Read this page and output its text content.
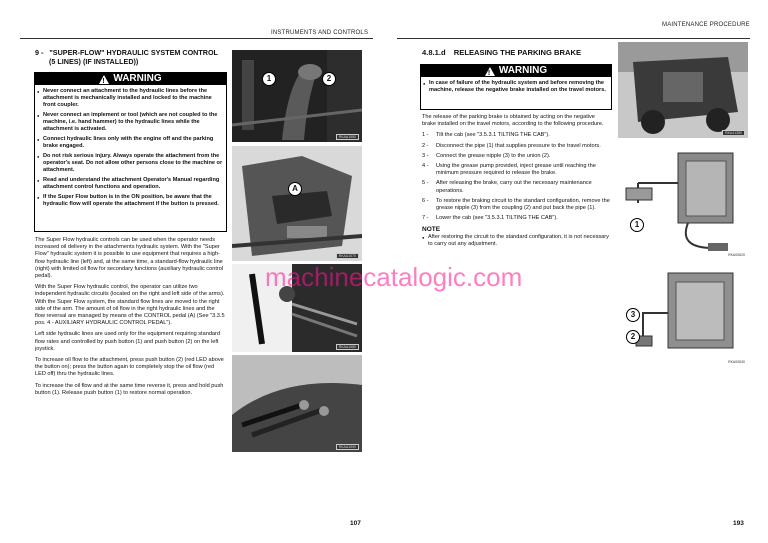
INSTRUMENTS AND CONTROLS
MAINTENANCE PROCEDURE
9 - "SUPER-FLOW" HYDRAULIC SYSTEM CONTROL
(5 LINES) (IF INSTALLED))
!
WARNING
● Never connect an attachment to the hydraulic lines before the attachment is mechanically installed and locked to the machine front coupler.
● Never connect an implement or tool (which are not coupled to the machine, i.e. hand hammer) to the hydraulic lines while the attachment is activated.
● Connect hydraulic lines only with the engine off and the parking brake engaged.
● Do not risk serious injury. Always operate the attachment from the operator's seat. Do not allow other persons close to the machine or attachment.
● Read and understand the attachment Operator's Manual regarding attachment control functions and operation.
● If the Super Flow button is in the ON position, be aware that the hydraulic flow will operate the attachment if the button is pressed.

The Super Flow hydraulic controls can be used when the operator needs increased oil delivery in the attachments hydraulic system. With the "Super Flow" hydraulic system it is possible to use equipment that requires a high-flow hydraulic line (left) and, at the same time, a standard-flow hydraulic line (right) with limited oil flow for secondary functions (auxiliary hydraulic control pedal).

With the Super Flow hydraulic control, the operator can utilize two independent hydraulic circuits (located on the right and left side of the arms). With the Super Flow system, the standard flow lines are moved to the right side of the arm. The amount of oil flow in the right hydraulic lines and the flow reversal are managed by means of the CONTROL pedal (A) (See "3.3.5 pos. 4 - AUXILIARY HYDRAULIC CONTROL PEDAL").

Left side hydraulic lines are used only for the equipment requiring standard flow rates and controlled by push button (1) and push button (2) on the left joystick.

To increase oil flow to the attachment, press push button (2) (red LED above the button on); press the button again to completely stop the oil flow (red LED off) thru the hydraulic lines.

To increase the oil flow and at the same time reverse it, press and hold push button (1). Release push button (1) to restore normal operation.

RKAA1550
1	2
RKAA1570
A
RKAA1580
RKAA1590
107
machinecatalogic.com
4.8.1.d RELEASING THE PARKING BRAKE
!
WARNING
● In case of failure of the hydraulic system and before removing the machine, release the negative brake installed on the travel motors.

The release of the parking brake is obtained by acting on the negative brake installed on the travel motors, according to the following procedure.

1 -	Tilt the cab (see "3.5.3.1 TILTING THE CAB").
2 -	Disconnect the pipe (1) that supplies pressure to the travel motors.
3 -	Connect the grease nipple (3) to the union (2).
4 -	Using the grease pump provided, inject grease until reaching the minimum pressure required to release the brake.
5 -	After releasing the brake, carry out the necessary maintenance operations.
6 -	To restore the braking circuit to the standard configuration, remove the grease nipple (3) from the coupling (2) and put back the pipe (1).
7 -	Lower the cab (see "3.5.3.1 TILTING THE CAB").
NOTE
● After restoring the circuit to the standard configuration, it is not necessary to carry out any adjustment.
RKA41380
1
RKA00620
3
2
RKA00630
193
